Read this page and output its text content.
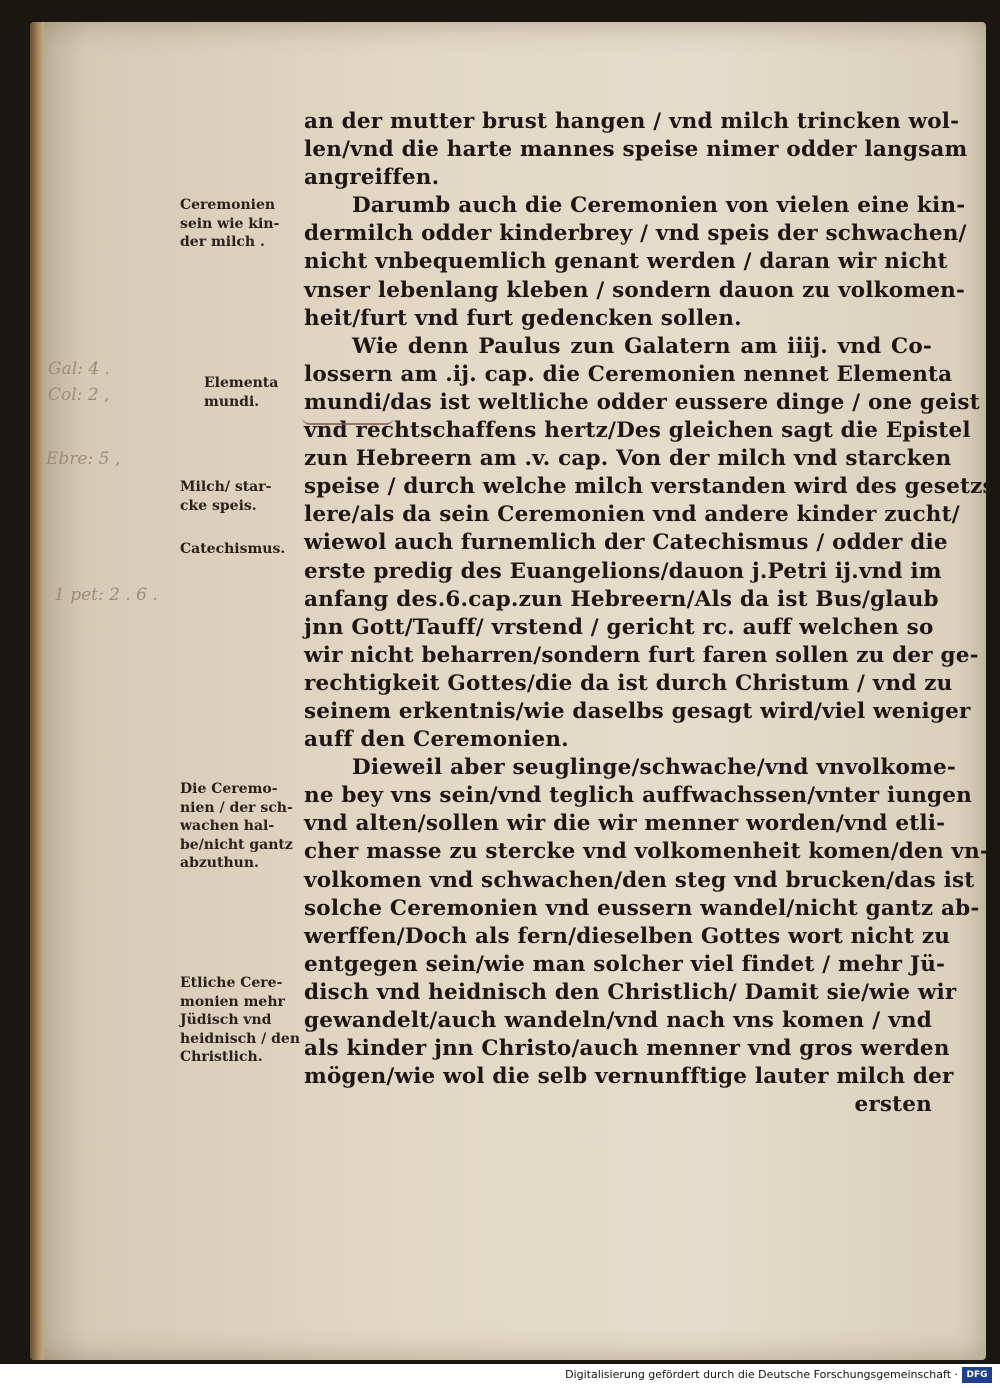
an der mutter brust hangen / vnd milch trincken wol-
len/vnd die harte mannes speise nimer odder langsam
angreiffen.
Darumb auch die Ceremonien von vielen eine kin-
dermilch odder kinderbrey / vnd speis der schwachen/
nicht vnbequemlich genant werden / daran wir nicht
vnser lebenlang kleben / sondern dauon zu volkomen-
heit/furt vnd furt gedencken sollen.
Wie denn Paulus zun Galatern am iiij. vnd Co-
lossern am .ij. cap. die Ceremonien nennet Elementa
mundi/das ist weltliche odder eussere dinge / one geist
vnd rechtschaffens hertz/Des gleichen sagt die Epistel
zun Hebreern am .v. cap. Von der milch vnd starcken
speise / durch welche milch verstanden wird des gesetzs
lere/als da sein Ceremonien vnd andere kinder zucht/
wiewol auch furnemlich der Catechismus / odder die
erste predig des Euangelions/dauon j.Petri ij.vnd im
anfang des.6.cap.zun Hebreern/Als da ist Bus/glaub
jnn Gott/Tauff/ vrstend / gericht rc. auff welchen so
wir nicht beharren/sondern furt faren sollen zu der ge-
rechtigkeit Gottes/die da ist durch Christum / vnd zu
seinem erkentnis/wie daselbs gesagt wird/viel weniger
auff den Ceremonien.
Dieweil aber seuglinge/schwache/vnd vnvolkome-
ne bey vns sein/vnd teglich auffwachssen/vnter iungen
vnd alten/sollen wir die wir menner worden/vnd etli-
cher masse zu stercke vnd volkomenheit komen/den vn-
volkomen vnd schwachen/den steg vnd brucken/das ist
solche Ceremonien vnd eussern wandel/nicht gantz ab-
werffen/Doch als fern/dieselben Gottes wort nicht zu
entgegen sein/wie man solcher viel findet / mehr Jü-
disch vnd heidnisch den Christlich/ Damit sie/wie wir
gewandelt/auch wandeln/vnd nach vns komen / vnd
als kinder jnn Christo/auch menner vnd gros werden
mögen/wie wol die selb vernunfftige lauter milch der
ersten
Ceremonien
sein wie kin-
der milch .
Elementa
mundi.
Milch/ star-
cke speis.
Catechismus.
Die Ceremo-
nien / der sch-
wachen hal-
be/nicht gantz
abzuthun.
Etliche Cere-
monien mehr
Jüdisch vnd
heidnisch / den
Christlich.
Gal: 4 .
Col: 2 ,
Ebre: 5 ,
1 pet: 2 . 6 .
Digitalisierung gefördert durch die Deutsche Forschungsgemeinschaft · DFG
